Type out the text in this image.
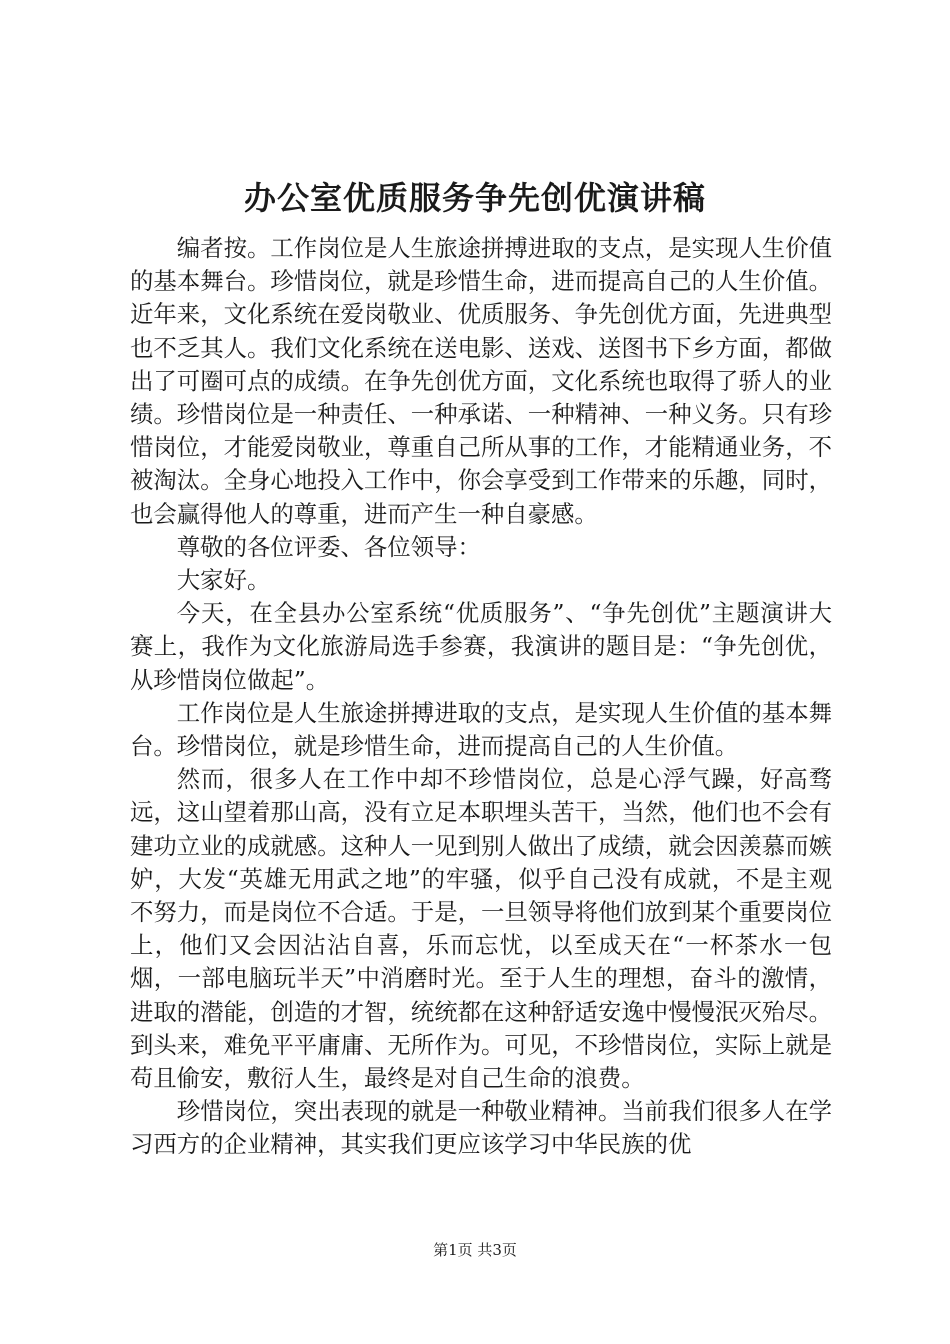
办公室优质服务争先创优演讲稿

编者按。工作岗位是人生旅途拼搏进取的支点，是实现人生价值的基本舞台。珍惜岗位，就是珍惜生命，进而提高自己的人生价值。近年来，文化系统在爱岗敬业、优质服务、争先创优方面，先进典型也不乏其人。我们文化系统在送电影、送戏、送图书下乡方面，都做出了可圈可点的成绩。在争先创优方面，文化系统也取得了骄人的业绩。珍惜岗位是一种责任、一种承诺、一种精神、一种义务。只有珍惜岗位，才能爱岗敬业，尊重自己所从事的工作，才能精通业务，不被淘汰。全身心地投入工作中，你会享受到工作带来的乐趣，同时，也会赢得他人的尊重，进而产生一种自豪感。

尊敬的各位评委、各位领导：

大家好。

今天，在全县办公室系统“优质服务”、“争先创优”主题演讲大赛上，我作为文化旅游局选手参赛，我演讲的题目是：“争先创优，从珍惜岗位做起”。

工作岗位是人生旅途拼搏进取的支点，是实现人生价值的基本舞台。珍惜岗位，就是珍惜生命，进而提高自己的人生价值。

然而，很多人在工作中却不珍惜岗位，总是心浮气躁，好高骛远，这山望着那山高，没有立足本职埋头苦干，当然，他们也不会有建功立业的成就感。这种人一见到别人做出了成绩，就会因羡慕而嫉妒，大发“英雄无用武之地”的牢骚，似乎自己没有成就，不是主观不努力，而是岗位不合适。于是，一旦领导将他们放到某个重要岗位上，他们又会因沾沾自喜，乐而忘忧，以至成天在“一杯茶水一包烟，一部电脑玩半天”中消磨时光。至于人生的理想，奋斗的激情，进取的潜能，创造的才智，统统都在这种舒适安逸中慢慢泯灭殆尽。到头来，难免平平庸庸、无所作为。可见，不珍惜岗位，实际上就是苟且偷安，敷衍人生，最终是对自己生命的浪费。

珍惜岗位，突出表现的就是一种敬业精神。当前我们很多人在学习西方的企业精神，其实我们更应该学习中华民族的优

第1页 共3页
